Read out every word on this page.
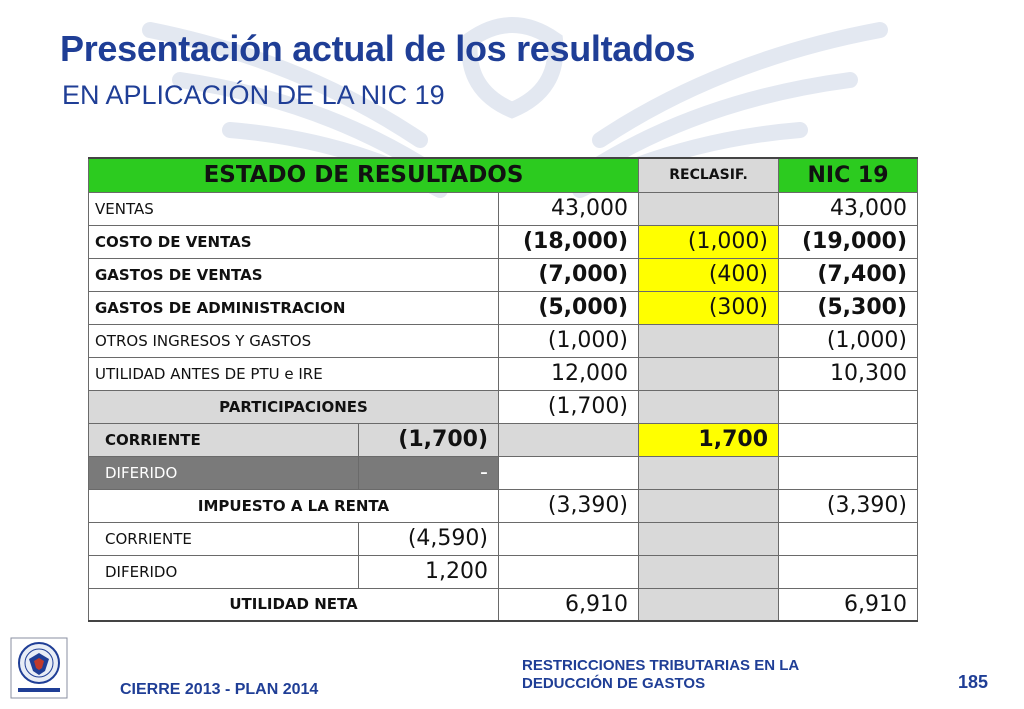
Presentación actual de los resultados
EN APLICACIÓN DE LA NIC 19
ESTADO DE RESULTADOS			RECLASIF.	NIC 19
VENTAS		43,000		43,000
COSTO DE VENTAS		(18,000)	(1,000)	(19,000)
GASTOS DE VENTAS		(7,000)	(400)	(7,400)
GASTOS DE ADMINISTRACION		(5,000)	(300)	(5,300)
OTROS INGRESOS Y GASTOS		(1,000)		(1,000)
UTILIDAD ANTES DE PTU e IRE		12,000		10,300
PARTICIPACIONES		(1,700)		
CORRIENTE	(1,700)		1,700	
DIFERIDO	-			
IMPUESTO A LA RENTA		(3,390)		(3,390)
CORRIENTE	(4,590)			
DIFERIDO	1,200			
UTILIDAD NETA		6,910		6,910
CIERRE 2013 - PLAN 2014
RESTRICCIONES TRIBUTARIAS EN LA DEDUCCIÓN DE GASTOS	185
